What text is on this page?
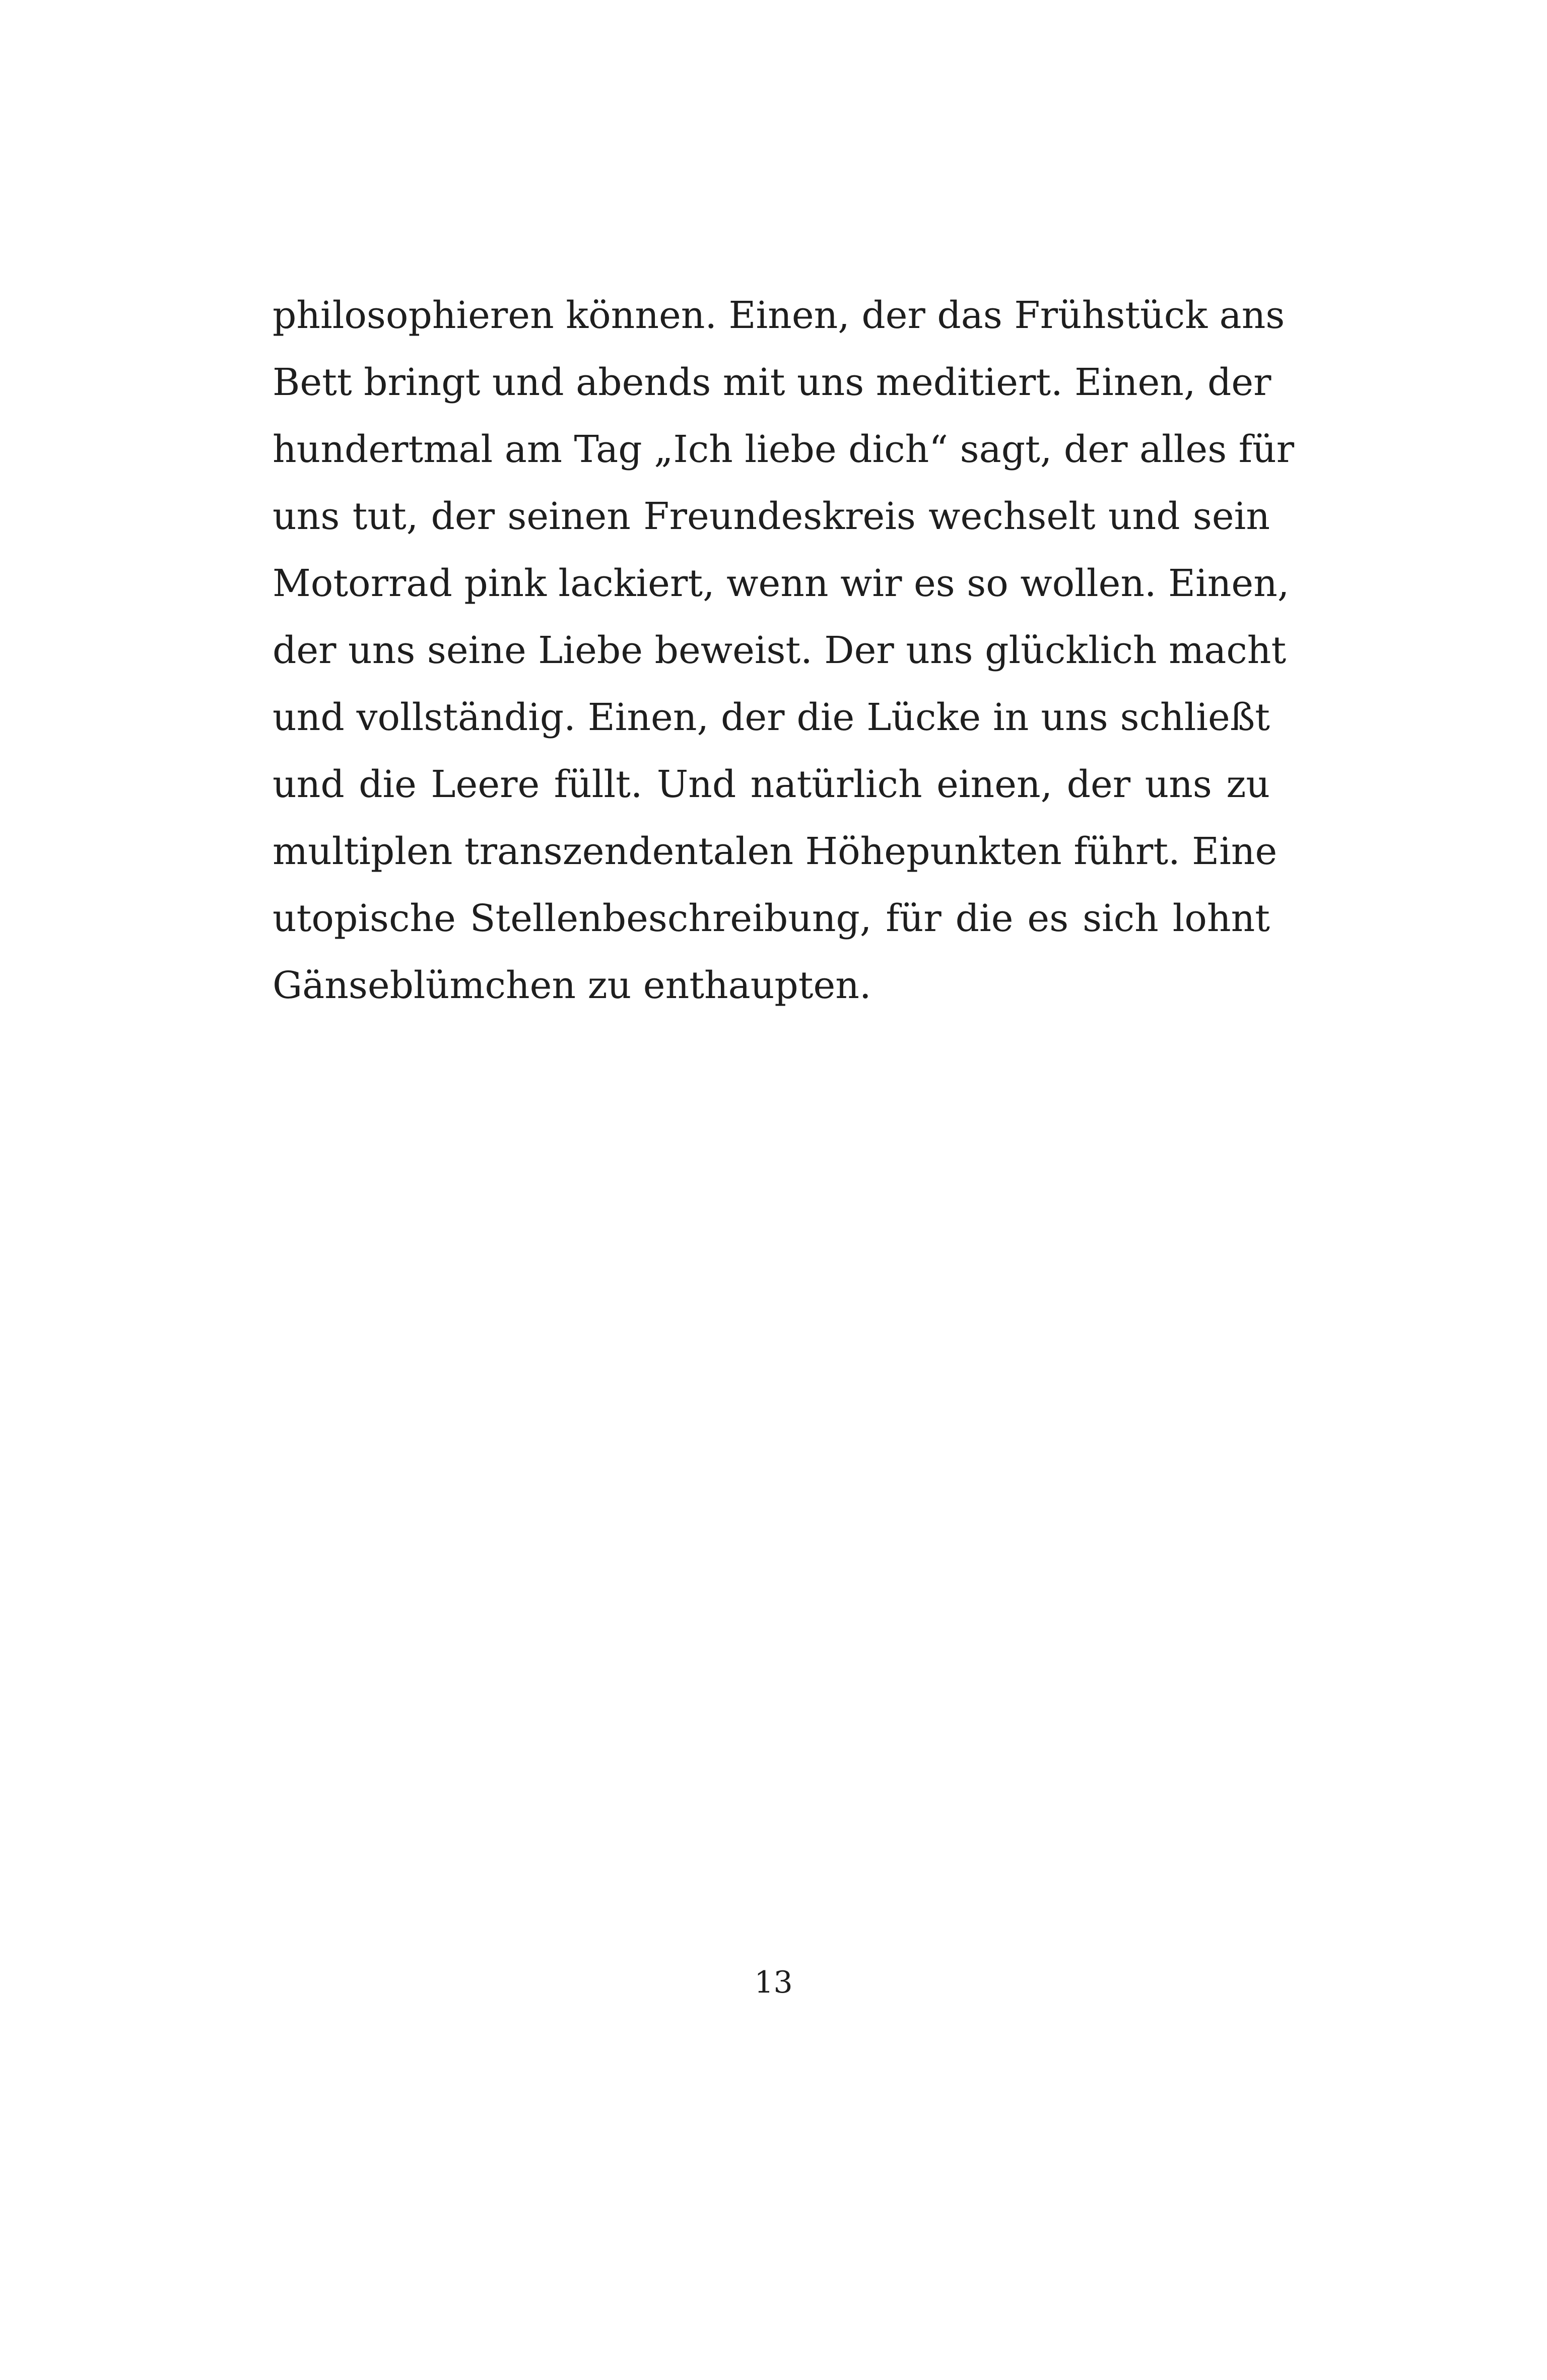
philosophieren können. Einen, der das Frühstück ans
Bett bringt und abends mit uns meditiert. Einen, der
hundertmal am Tag „Ich liebe dich“ sagt, der alles für
uns tut, der seinen Freundeskreis wechselt und sein
Motorrad pink lackiert, wenn wir es so wollen. Einen,
der uns seine Liebe beweist. Der uns glücklich macht
und vollständig. Einen, der die Lücke in uns schließt
und die Leere füllt. Und natürlich einen, der uns zu
multiplen transzendentalen Höhepunkten führt. Eine
utopische Stellenbeschreibung, für die es sich lohnt
Gänseblümchen zu enthaupten.
13
